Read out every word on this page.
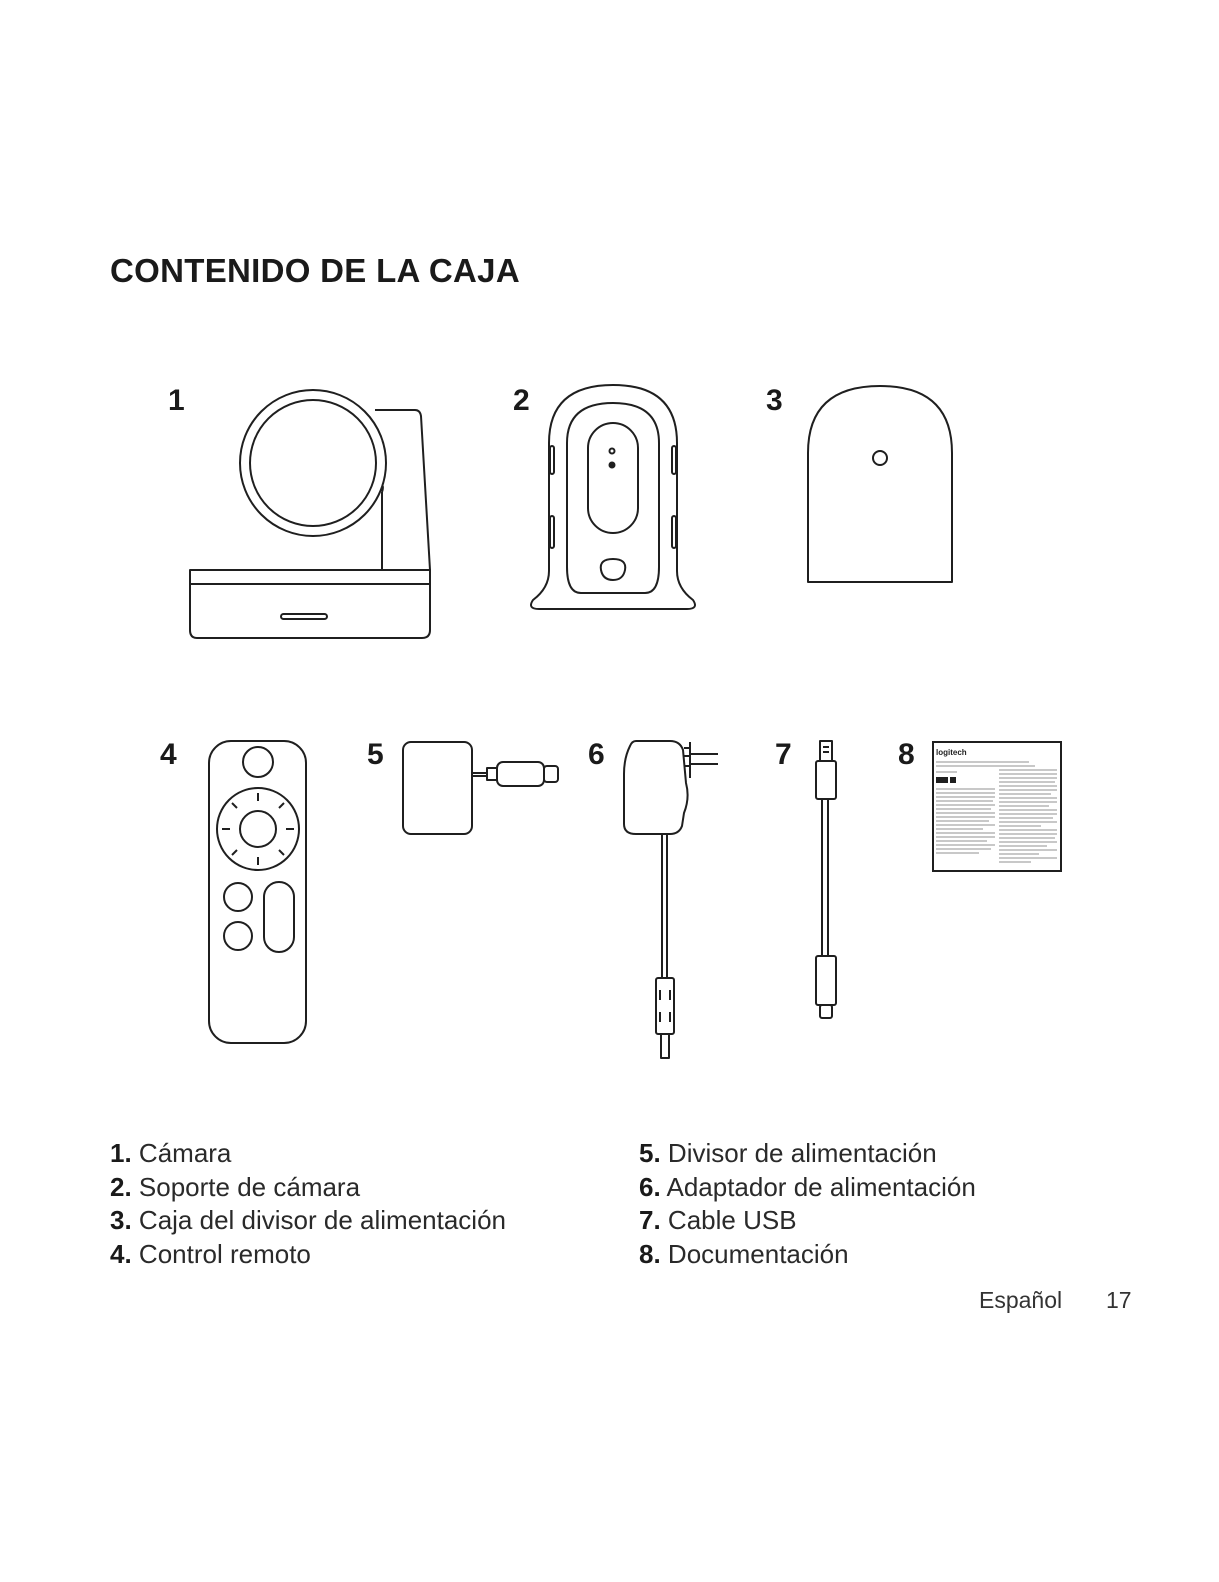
CONTENIDO DE LA CAJA
1	2	3
4	5	6	7	8	logitech
1. Cámara
2. Soporte de cámara
3. Caja del divisor de alimentación
4. Control remoto
5. Divisor de alimentación
6. Adaptador de alimentación
7. Cable USB
8. Documentación
Español 17
